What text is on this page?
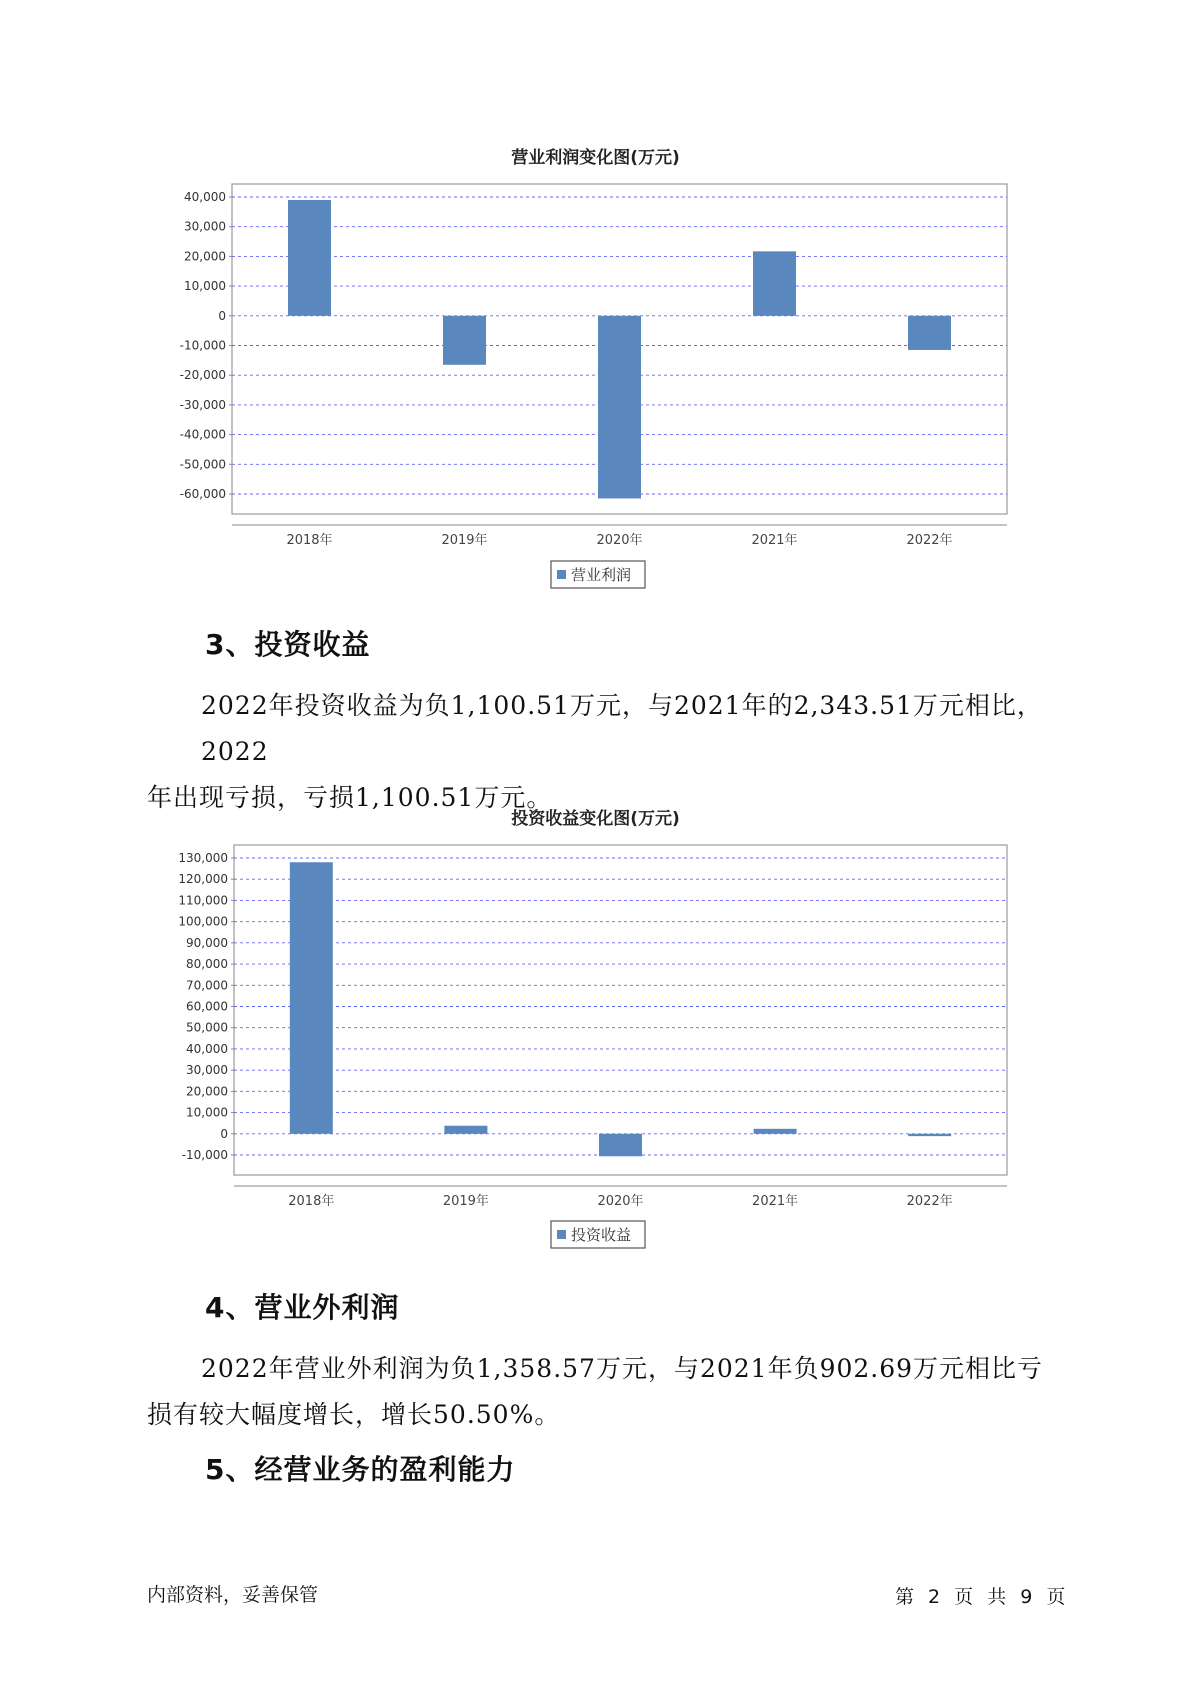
营业利润变化图(万元)
40,000
30,000
20,000
10,000
0
-10,000
-20,000
-30,000
-40,000
-50,000
-60,000
2018年	2019年	2020年	2021年	2022年
营业利润
3、投资收益
2022年投资收益为负1,100.51万元，与2021年的2,343.51万元相比，2022
年出现亏损，亏损1,100.51万元。
投资收益变化图(万元)
130,000
120,000
110,000
100,000
90,000
80,000
70,000
60,000
50,000
40,000
30,000
20,000
10,000
0
-10,000
2018年	2019年	2020年	2021年	2022年
投资收益
4、营业外利润
2022年营业外利润为负1,358.57万元，与2021年负902.69万元相比亏
损有较大幅度增长，增长50.50%。
5、经营业务的盈利能力
内部资料，妥善保管	第 2 页 共 9 页
